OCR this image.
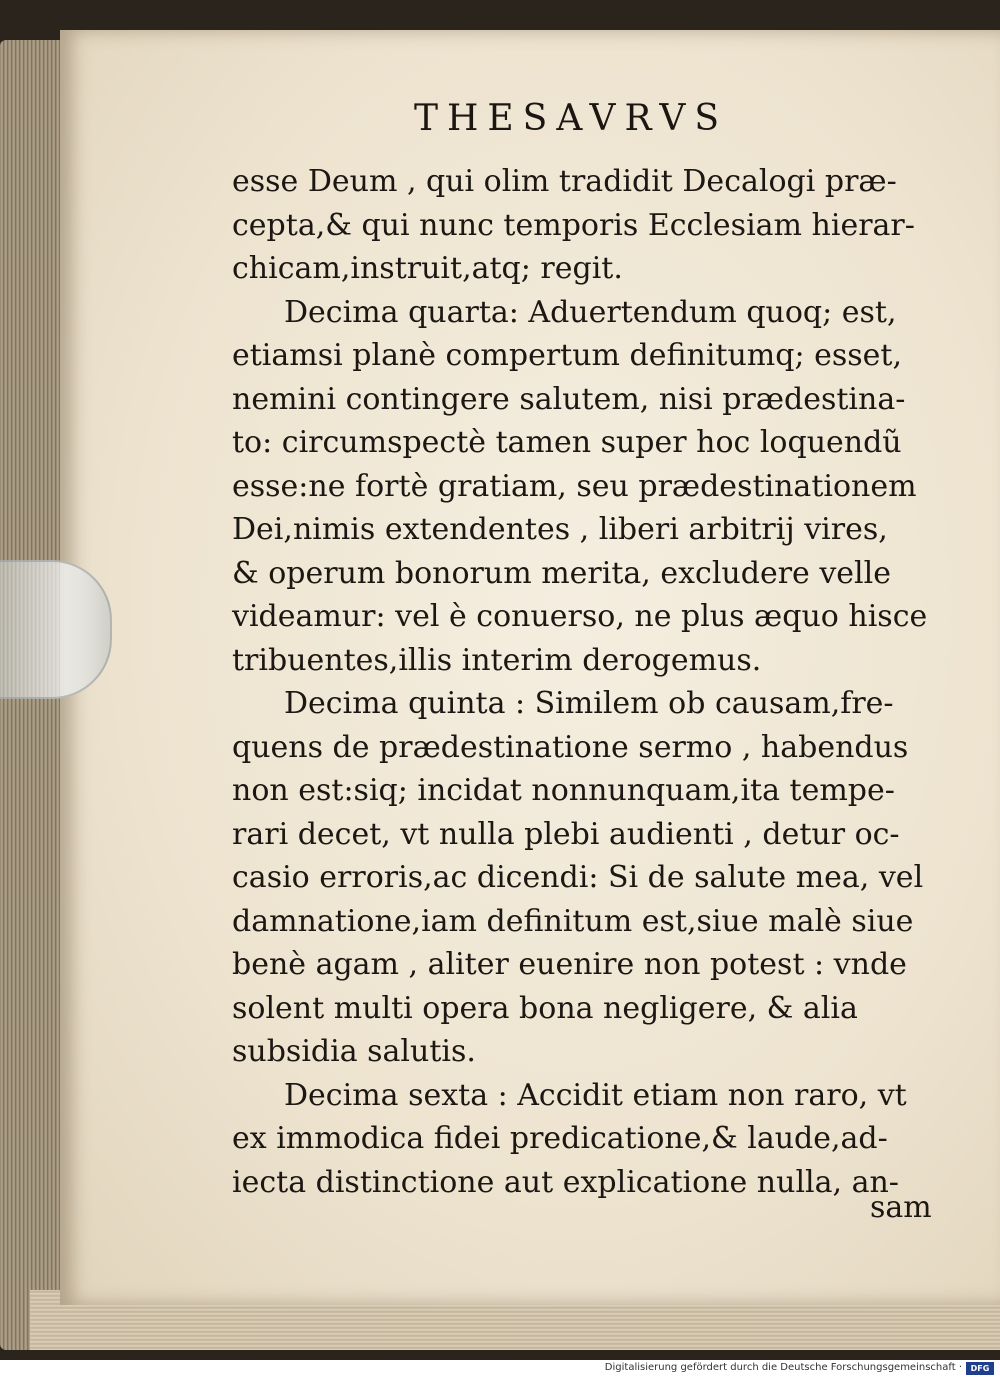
THESAVRVS
esse Deum , qui olim tradidit Decalogi præ-
cepta,& qui nunc temporis Ecclesiam hierar-
chicam,instruit,atq; regit.
Decima quarta: Aduertendum quoq; est,
etiamsi planè compertum definitumq; esset,
nemini contingere salutem, nisi prædestina-
to: circumspectè tamen super hoc loquendũ
esse:ne fortè gratiam, seu prædestinationem
Dei,nimis extendentes , liberi arbitrij vires,
& operum bonorum merita, excludere velle
videamur: vel è conuerso, ne plus æquo hisce
tribuentes,illis interim derogemus.
Decima quinta : Similem ob causam,fre-
quens de prædestinatione sermo , habendus
non est:siq; incidat nonnunquam,ita tempe-
rari decet, vt nulla plebi audienti , detur oc-
casio erroris,ac dicendi: Si de salute mea, vel
damnatione,iam definitum est,siue malè siue
benè agam , aliter euenire non potest : vnde
solent multi opera bona negligere, & alia
subsidia salutis.
Decima sexta : Accidit etiam non raro, vt
ex immodica fidei predicatione,& laude,ad-
iecta distinctione aut explicatione nulla, an-
sam
Digitalisierung gefördert durch die Deutsche Forschungsgemeinschaft ·	DFG
